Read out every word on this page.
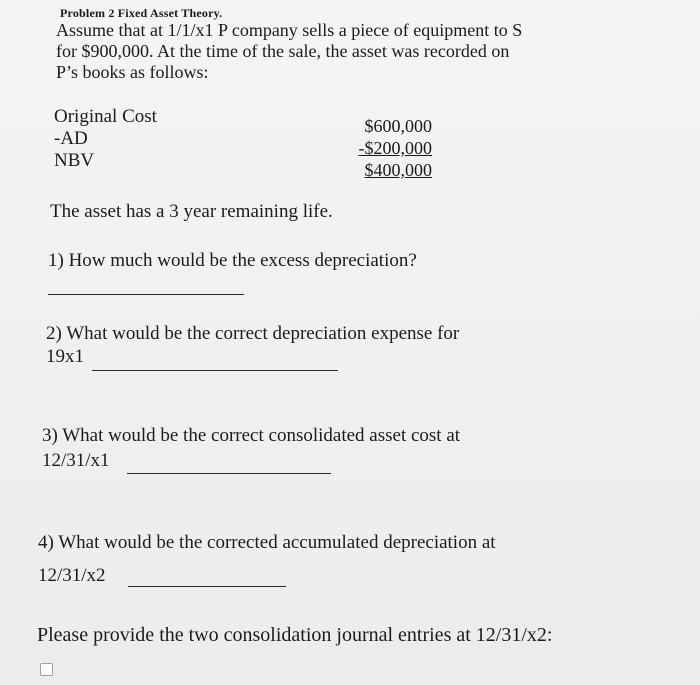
Problem 2 Fixed Asset Theory.
Assume that at 1/1/x1 P company sells a piece of equipment to S
for $900,000. At the time of the sale, the asset was recorded on
P’s books as follows:
Original Cost
-AD
NBV
$600,000
-$200,000
$400,000
The asset has a 3 year remaining life.
1) How much would be the excess depreciation?
2) What would be the correct depreciation expense for
19x1
3) What would be the correct consolidated asset cost at
12/31/x1
4) What would be the corrected accumulated depreciation at
12/31/x2
Please provide the two consolidation journal entries at 12/31/x2:
